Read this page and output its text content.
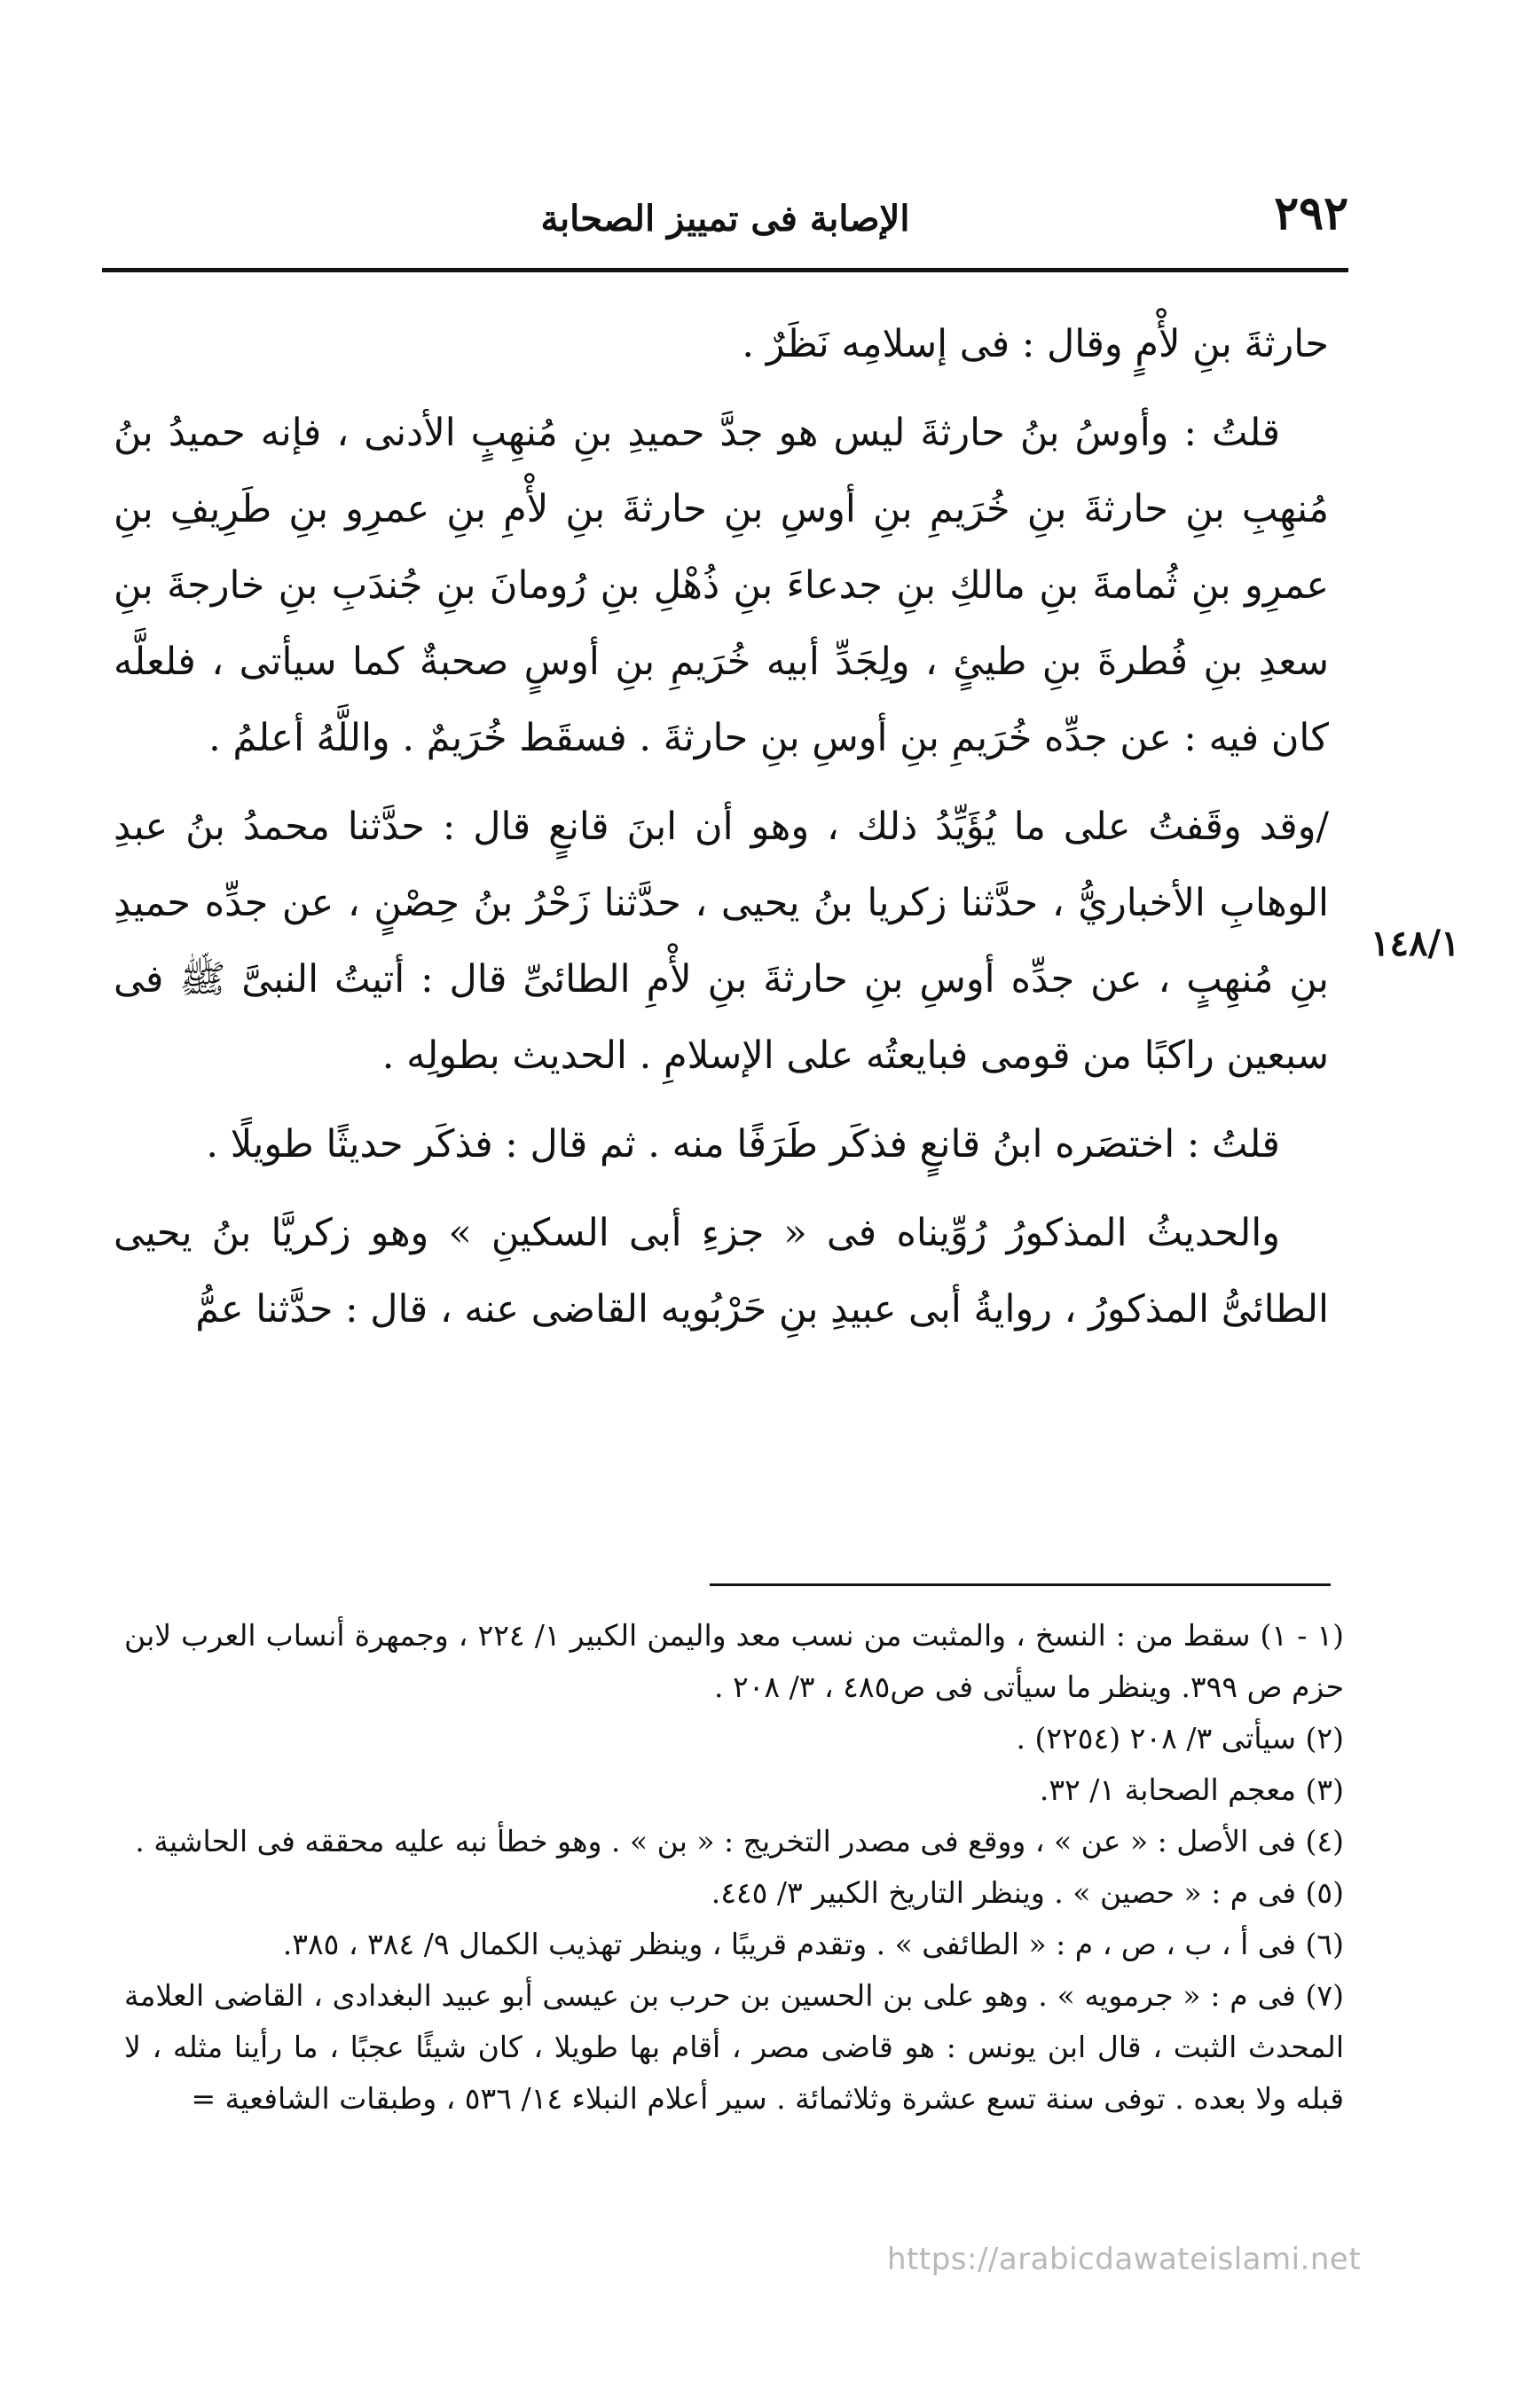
٢٩٢
الإصابة فى تمييز الصحابة
١٤٨/١

حارثةَ بنِ لأْمٍ وقال : فى إسلامِه نَظَرٌ .

قلتُ : وأوسُ بنُ حارثةَ ليس هو جدَّ حميدِ بنِ مُنهِبٍ الأدنى ، فإنه حميدُ بنُ مُنهِبِ بنِ حارثةَ بنِ خُرَيمِ بنِ أوسِ بنِ حارثةَ بنِ لأْمِ بنِ عمرِو بنِ طَرِيفِ بنِ عمرِو بنِ ثُمامةَ بنِ مالكِ بنِ جدعاءَ بنِ ذُهْلِ بنِ رُومانَ بنِ جُندَبِ بنِ خارجةَ بنِ سعدِ بنِ فُطرةَ بنِ طيئٍ ، ولِجَدِّ أبيه خُرَيمِ بنِ أوسٍ صحبةٌ كما سيأتى ، فلعلَّه كان فيه : عن جدِّه خُرَيمِ بنِ أوسِ بنِ حارثةَ . فسقَط خُرَيمٌ . واللَّهُ أعلمُ .

/وقد وقَفتُ على ما يُؤَيِّدُ ذلك ، وهو أن ابنَ قانعٍ قال : حدَّثنا محمدُ بنُ عبدِ الوهابِ الأخباريُّ ، حدَّثنا زكريا بنُ يحيى ، حدَّثنا زَحْرُ بنُ حِصْنٍ ، عن جدِّه حميدِ بنِ مُنهِبٍ ، عن جدِّه أوسِ بنِ حارثةَ بنِ لأْمِ الطائىِّ قال : أتيتُ النبىَّ ﷺ فى سبعين راكبًا من قومى فبايعتُه على الإسلامِ . الحديث بطولِه .

قلتُ : اختصَره ابنُ قانعٍ فذكَر طَرَفًا منه . ثم قال : فذكَر حديثًا طويلًا .

والحديثُ المذكورُ رُوِّيناه فى « جزءِ أبى السكينِ » وهو زكريَّا بنُ يحيى الطائىُّ المذكورُ ، روايةُ أبى عبيدِ بنِ حَرْبُويه القاضى عنه ، قال : حدَّثنا عمُّ

(١ - ١) سقط من : النسخ ، والمثبت من نسب معد واليمن الكبير ١/ ٢٢٤ ، وجمهرة أنساب العرب لابن حزم ص ٣٩٩. وينظر ما سيأتى فى ص٤٨٥ ، ٣/ ٢٠٨ .

(٢) سيأتى ٣/ ٢٠٨ (٢٢٥٤) .

(٣) معجم الصحابة ١/ ٣٢.

(٤) فى الأصل : « عن » ، ووقع فى مصدر التخريج : « بن » . وهو خطأ نبه عليه محققه فى الحاشية .

(٥) فى م : « حصين » . وينظر التاريخ الكبير ٣/ ٤٤٥.

(٦) فى أ ، ب ، ص ، م : « الطائفى » . وتقدم قريبًا ، وينظر تهذيب الكمال ٩/ ٣٨٤ ، ٣٨٥.

(٧) فى م : « جرمويه » . وهو على بن الحسين بن حرب بن عيسى أبو عبيد البغدادى ، القاضى العلامة المحدث الثبت ، قال ابن يونس : هو قاضى مصر ، أقام بها طويلا ، كان شيئًا عجبًا ، ما رأينا مثله ، لا قبله ولا بعده . توفى سنة تسع عشرة وثلاثمائة . سير أعلام النبلاء ١٤/ ٥٣٦ ، وطبقات الشافعية =

https://arabicdawateislami.net
